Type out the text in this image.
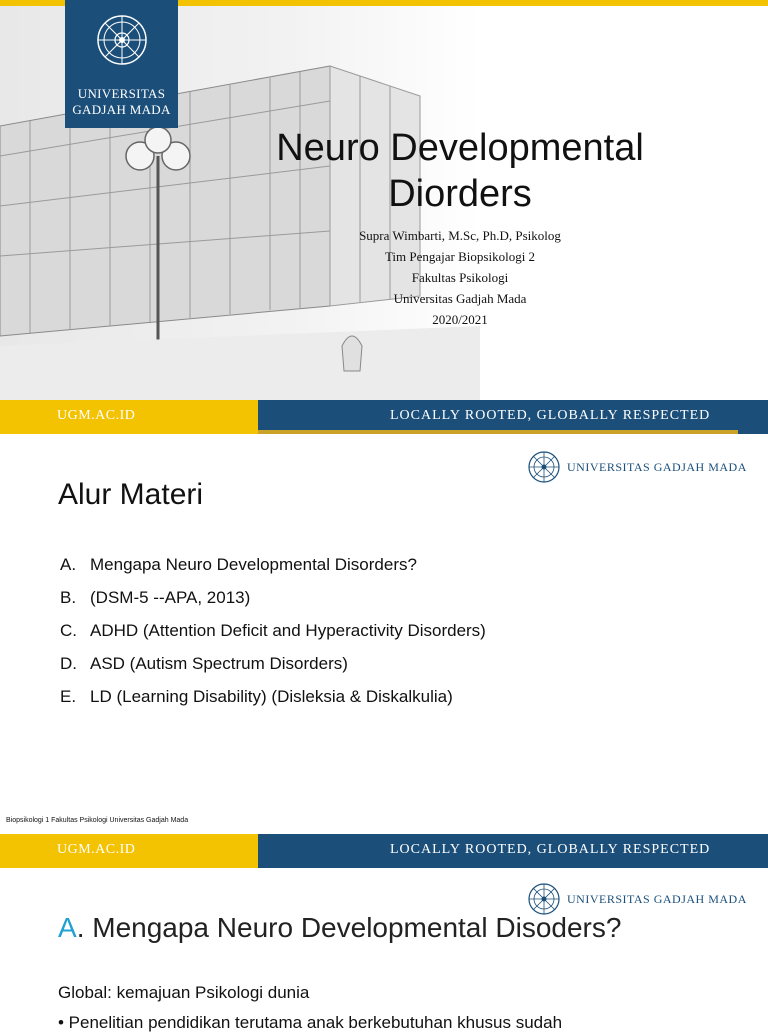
UNIVERSITAS
GADJAH MADA
Neuro Developmental
Diorders
Supra Wimbarti, M.Sc, Ph.D, Psikolog
Tim Pengajar Biopsikologi 2
Fakultas Psikologi
Universitas Gadjah Mada
2020/2021
UGM.AC.ID	LOCALLY ROOTED, GLOBALLY RESPECTED
UGM.AC.ID	LOCALLY ROOTED, GLOBALLY RESPECTED
UNIVERSITAS GADJAH MADA
Alur Materi
A. Mengapa Neuro Developmental Disorders?
B. (DSM-5 --APA, 2013)
C. ADHD (Attention Deficit and Hyperactivity Disorders)
D. ASD (Autism Spectrum Disorders)
E. LD (Learning Disability) (Disleksia & Diskalkulia)
Biopsikologi 1 Fakultas Psikologi Universitas Gadjah Mada
UNIVERSITAS GADJAH MADA
A. Mengapa Neuro Developmental Disoders?
Global: kemajuan Psikologi dunia
• Penelitian pendidikan terutama anak berkebutuhan khusus sudah
